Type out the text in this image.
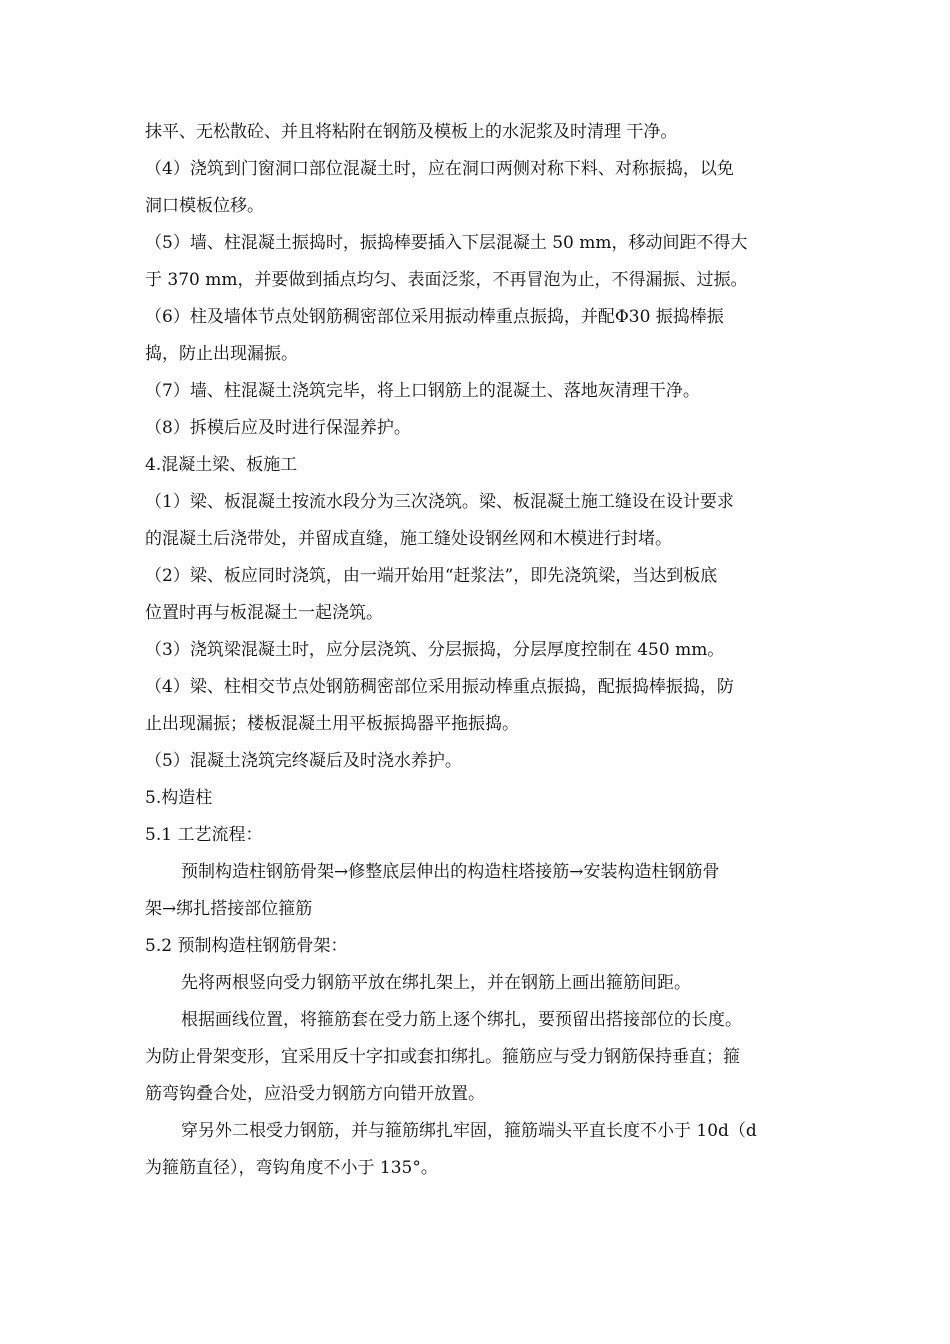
抹平、无松散砼、并且将粘附在钢筋及模板上的水泥浆及时清理 干净。
（4）浇筑到门窗洞口部位混凝土时，应在洞口两侧对称下料、对称振捣，以免
洞口模板位移。
（5）墙、柱混凝土振捣时，振捣棒要插入下层混凝土 50 mm，移动间距不得大
于 370 mm，并要做到插点均匀、表面泛浆，不再冒泡为止，不得漏振、过振。
（6）柱及墙体节点处钢筋稠密部位采用振动棒重点振捣，并配Φ30 振捣棒振
捣，防止出现漏振。
（7）墙、柱混凝土浇筑完毕，将上口钢筋上的混凝土、落地灰清理干净。
（8）拆模后应及时进行保湿养护。
4.混凝土梁、板施工
（1）梁、板混凝土按流水段分为三次浇筑。梁、板混凝土施工缝设在设计要求
的混凝土后浇带处，并留成直缝，施工缝处设钢丝网和木模进行封堵。
（2）梁、板应同时浇筑，由一端开始用“赶浆法”，即先浇筑梁，当达到板底
位置时再与板混凝土一起浇筑。
（3）浇筑梁混凝土时，应分层浇筑、分层振捣，分层厚度控制在 450 mm。
（4）梁、柱相交节点处钢筋稠密部位采用振动棒重点振捣，配振捣棒振捣，防
止出现漏振；楼板混凝土用平板振捣器平拖振捣。
（5）混凝土浇筑完终凝后及时浇水养护。
5.构造柱
5.1 工艺流程：
预制构造柱钢筋骨架→修整底层伸出的构造柱塔接筋→安装构造柱钢筋骨
架→绑扎搭接部位箍筋
5.2 预制构造柱钢筋骨架：
先将两根竖向受力钢筋平放在绑扎架上，并在钢筋上画出箍筋间距。
根据画线位置，将箍筋套在受力筋上逐个绑扎，要预留出搭接部位的长度。
为防止骨架变形，宜采用反十字扣或套扣绑扎。箍筋应与受力钢筋保持垂直；箍
筋弯钩叠合处，应沿受力钢筋方向错开放置。
穿另外二根受力钢筋，并与箍筋绑扎牢固，箍筋端头平直长度不小于 10d（d
为箍筋直径），弯钩角度不小于 135°。
